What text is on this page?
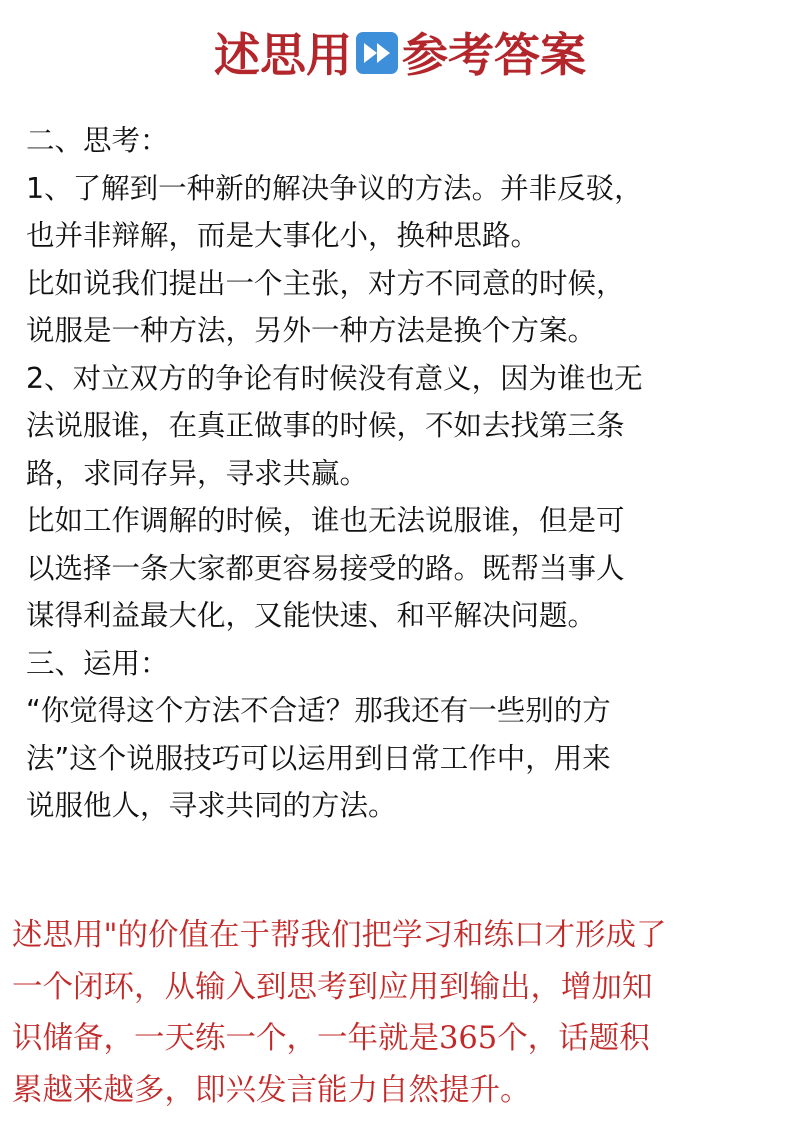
述思用 参考答案
二、思考：
1、了解到一种新的解决争议的方法。并非反驳，
也并非辩解，而是大事化小，换种思路。
比如说我们提出一个主张，对方不同意的时候，
说服是一种方法，另外一种方法是换个方案。
2、对立双方的争论有时候没有意义，因为谁也无
法说服谁，在真正做事的时候，不如去找第三条
路，求同存异，寻求共赢。
比如工作调解的时候，谁也无法说服谁，但是可
以选择一条大家都更容易接受的路。既帮当事人
谋得利益最大化，又能快速、和平解决问题。
三、运用：
“你觉得这个方法不合适？那我还有一些别的方
法”这个说服技巧可以运用到日常工作中，用来
说服他人，寻求共同的方法。
述思用"的价值在于帮我们把学习和练口才形成了
一个闭环，从输入到思考到应用到输出，增加知
识储备，一天练一个，一年就是365个，话题积
累越来越多，即兴发言能力自然提升。
